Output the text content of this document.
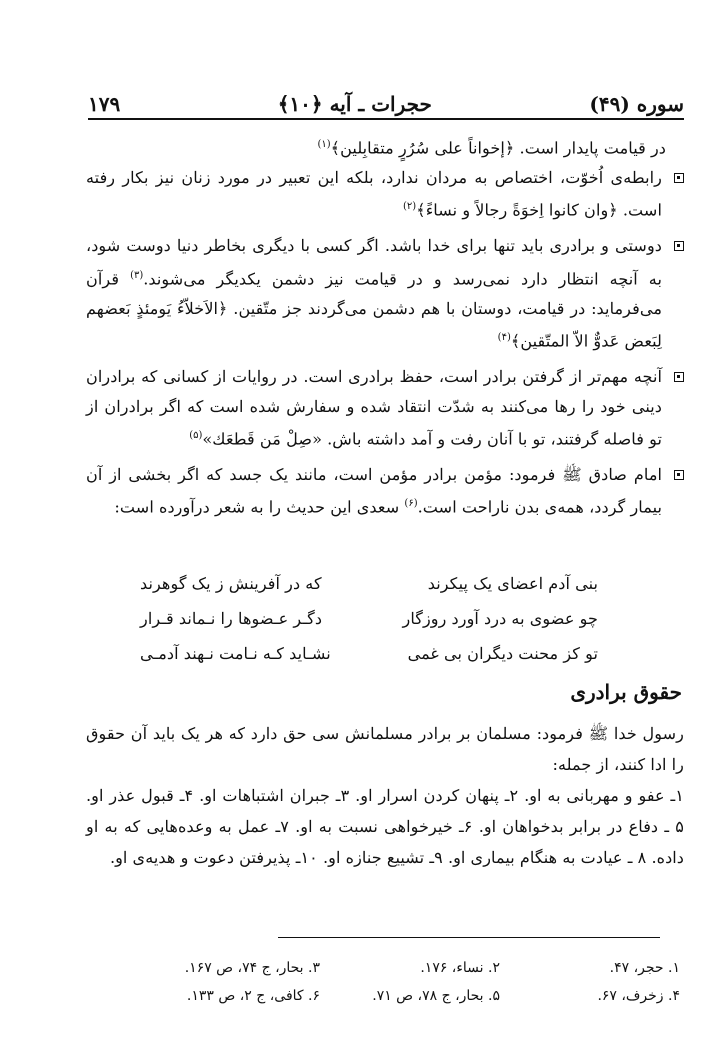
سوره (۴۹)
حجرات ـ آیه ﴿۱۰﴾
۱۷۹

در قیامت پایدار است. ﴿إخواناً علی سُرُرٍ متقابِلین﴾$^{(۱)}$

رابطه‌ی اُخوّت، اختصاص به مردان ندارد، بلکه این تعبیر در مورد زنان نیز بکار رفته است. ﴿وان کانوا اِخوَةً رجالاً و نساءً﴾$^{(۲)}$

دوستی و برادری باید تنها برای خدا باشد. اگر کسی با دیگری بخاطر دنیا دوست شود، به آنچه انتظار دارد نمی‌رسد و در قیامت نیز دشمن یکدیگر می‌شوند.$^{(۳)}$ قرآن می‌فرماید: در قیامت، دوستان با هم دشمن می‌گردند جز متّقین. ﴿الاَخلاّءُ یَومئذٍ بَعضهم لِبَعض عَدوٌّ الاّ المتّقین﴾$^{(۴)}$

آنچه مهم‌تر از گرفتن برادر است، حفظ برادری است. در روایات از کسانی که برادران دینی خود را رها می‌کنند به شدّت انتقاد شده و سفارش شده است که اگر برادران از تو فاصله گرفتند، تو با آنان رفت و آمد داشته باش. «صِلْ مَن قَطعَك»$^{(۵)}$

امام صادق ﷺ فرمود: مؤمن برادر مؤمن است، مانند یک جسد که اگر بخشی از آن بیمار گردد، همه‌ی بدن ناراحت است.$^{(۶)}$ سعدی این حدیث را به شعر درآورده است:

بنی آدم اعضای یک پیکرند
که در آفرینش ز یک گوهرند
چو عضوی به درد آورد روزگار
دگـر عـضوها را نـماند قـرار
تو کز محنت دیگران بی غمی
نشـاید کـه نـامت نـهند آدمـی
حقوق برادری

رسول خدا ﷺ فرمود: مسلمان بر برادر مسلمانش سی حق دارد که هر یک باید آن حقوق را ادا کنند، از جمله:

۱ـ عفو و مهربانی به او. ۲ـ پنهان کردن اسرار او. ۳ـ جبران اشتباهات او. ۴ـ قبول عذر او. ۵ ـ دفاع در برابر بدخواهان او. ۶ـ خیرخواهی نسبت به او. ۷ـ عمل به وعده‌هایی که به او داده. ۸ ـ عیادت به هنگام بیماری او. ۹ـ تشییع جنازه او. ۱۰ـ پذیرفتن دعوت و هدیه‌ی او.

۱. حجر، ۴۷.
۲. نساء، ۱۷۶.
۳. بحار، ج ۷۴، ص ۱۶۷.
۴. زخرف، ۶۷.
۵. بحار، ج ۷۸، ص ۷۱.
۶. کافی، ج ۲، ص ۱۳۳.
